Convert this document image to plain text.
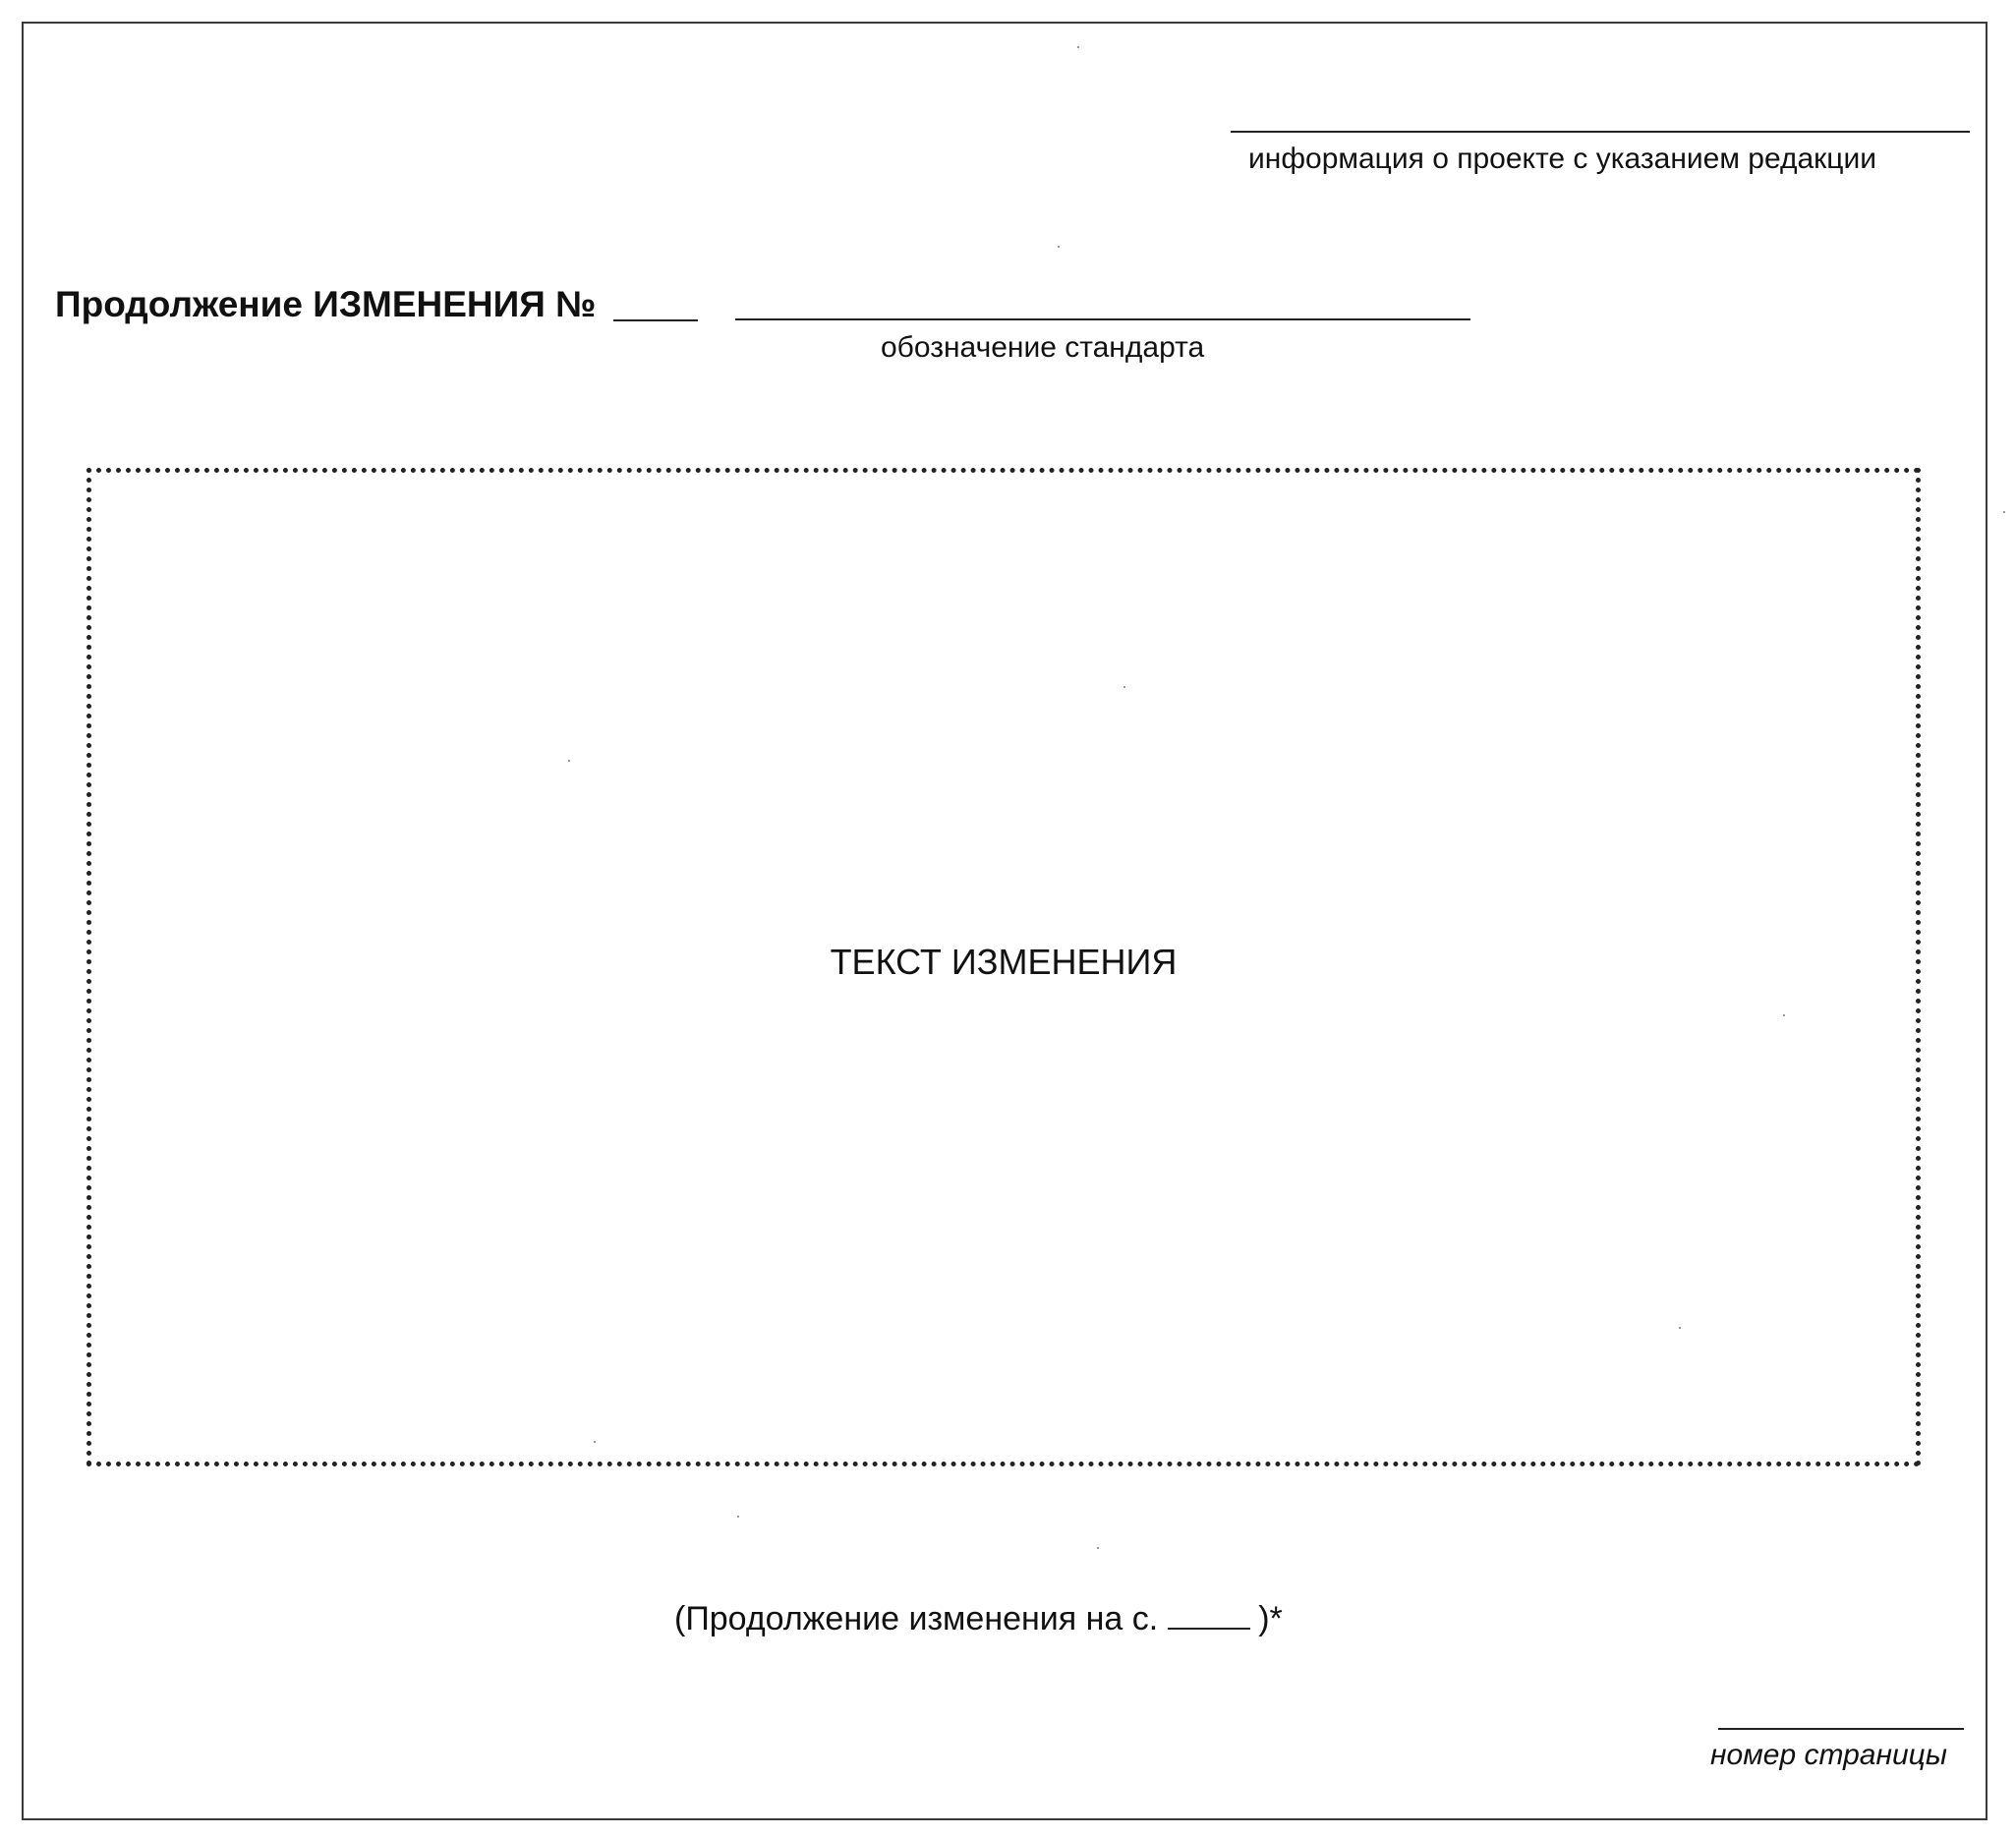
информация о проекте с указанием редакции
Продолжение ИЗМЕНЕНИЯ №
обозначение стандарта
ТЕКСТ ИЗМЕНЕНИЯ
(Продолжение изменения на с.	)*
номер страницы
